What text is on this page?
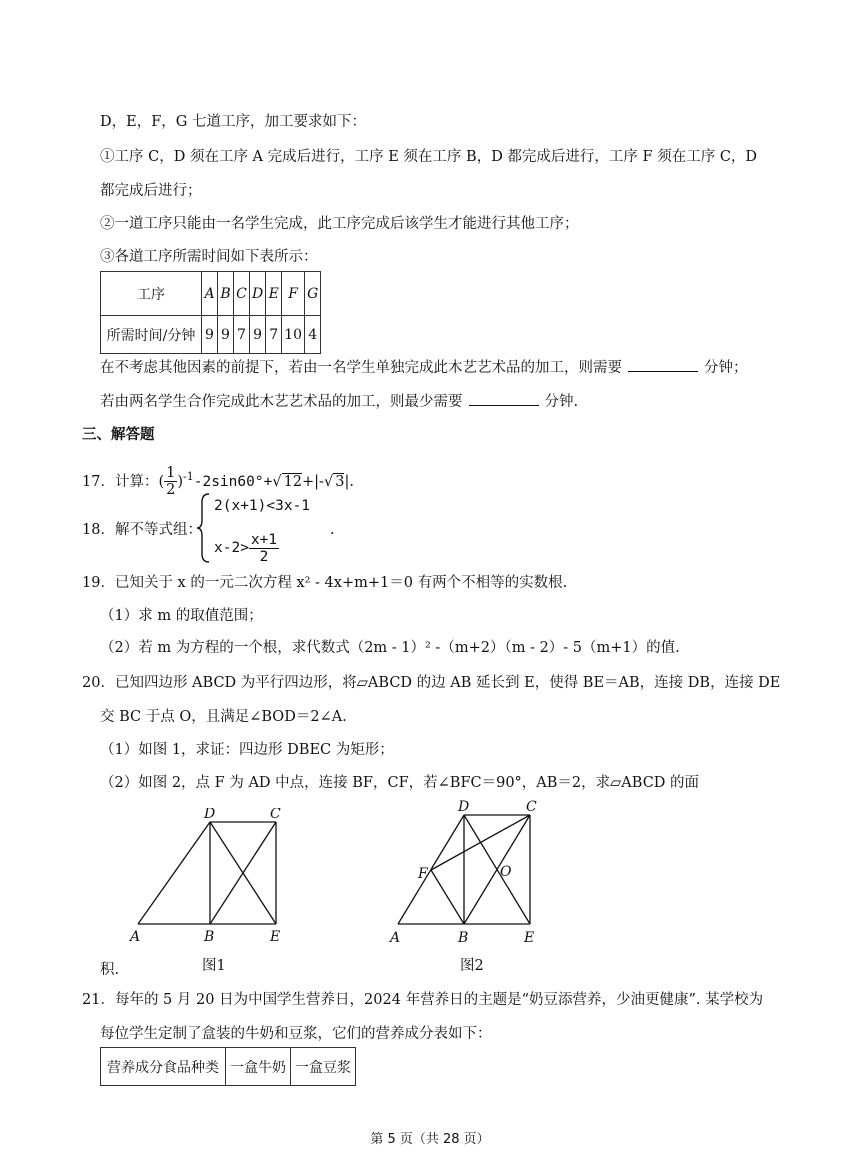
D，E，F，G 七道工序，加工要求如下：
①工序 C，D 须在工序 A 完成后进行，工序 E 须在工序 B，D 都完成后进行，工序 F 须在工序 C，D
都完成后进行；
②一道工序只能由一名学生完成，此工序完成后该学生才能进行其他工序；
③各道工序所需时间如下表所示：
工序	A	B	C	D	E	F	G
所需时间/分钟	9	9	7	9	7	10	4
在不考虑其他因素的前提下，若由一名学生单独完成此木艺艺术品的加工，则需要	分钟；
若由两名学生合作完成此木艺艺术品的加工，则最少需要	分钟.
三、解答题
17．计算：( $\frac{1}{2} )^{-1}-2\sin 60^\circ+√$ 12+|-√ 3|.
18．解不等式组：
2(x+1)<3x-1
$x-2> \frac{x+1}{2}$
.
19．已知关于 x 的一元二次方程 x² - 4x+m+1＝0 有两个不相等的实数根.
（1）求 m 的取值范围；
（2）若 m 为方程的一个根，求代数式（2m - 1）² -（m+2）（m - 2）- 5（m+1）的值.
20．已知四边形 ABCD 为平行四边形，将▱ABCD 的边 AB 延长到 E，使得 BE＝AB，连接 DB，连接 DE
交 BC 于点 O，且满足∠BOD＝2∠A.
（1）如图 1，求证：四边形 DBEC 为矩形；
（2）如图 2，点 F 为 AD 中点，连接 BF，CF，若∠BFC＝90°，AB＝2，求▱ABCD 的面
D	C
A	B	E
积.	图1
D	C
F	O
A	B	E
图2
21．每年的 5 月 20 日为中国学生营养日，2024 年营养日的主题是“奶豆添营养，少油更健康”. 某学校为
每位学生定制了盒装的牛奶和豆浆，它们的营养成分表如下：
营养成分食品种类	一盒牛奶	一盒豆浆
第 5 页（共 28 页）
